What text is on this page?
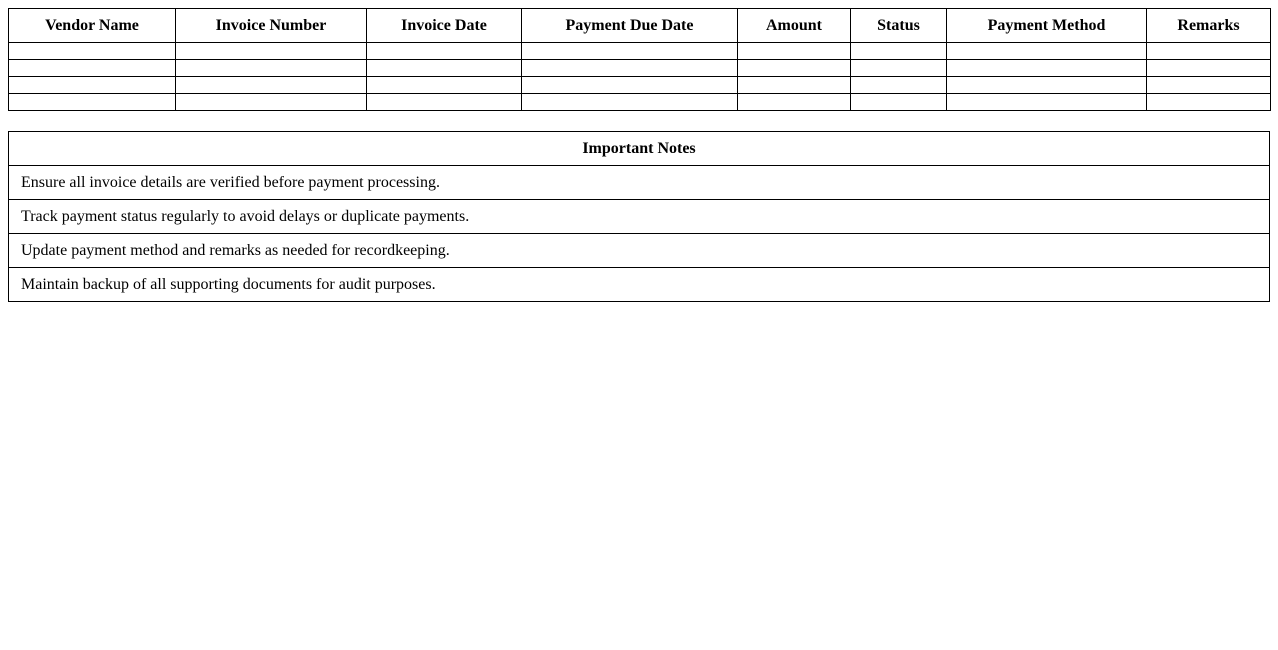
Vendor Name	Invoice Number	Invoice Date	Payment Due Date	Amount	Status	Payment Method	Remarks

Important Notes
Ensure all invoice details are verified before payment processing.
Track payment status regularly to avoid delays or duplicate payments.
Update payment method and remarks as needed for recordkeeping.
Maintain backup of all supporting documents for audit purposes.
